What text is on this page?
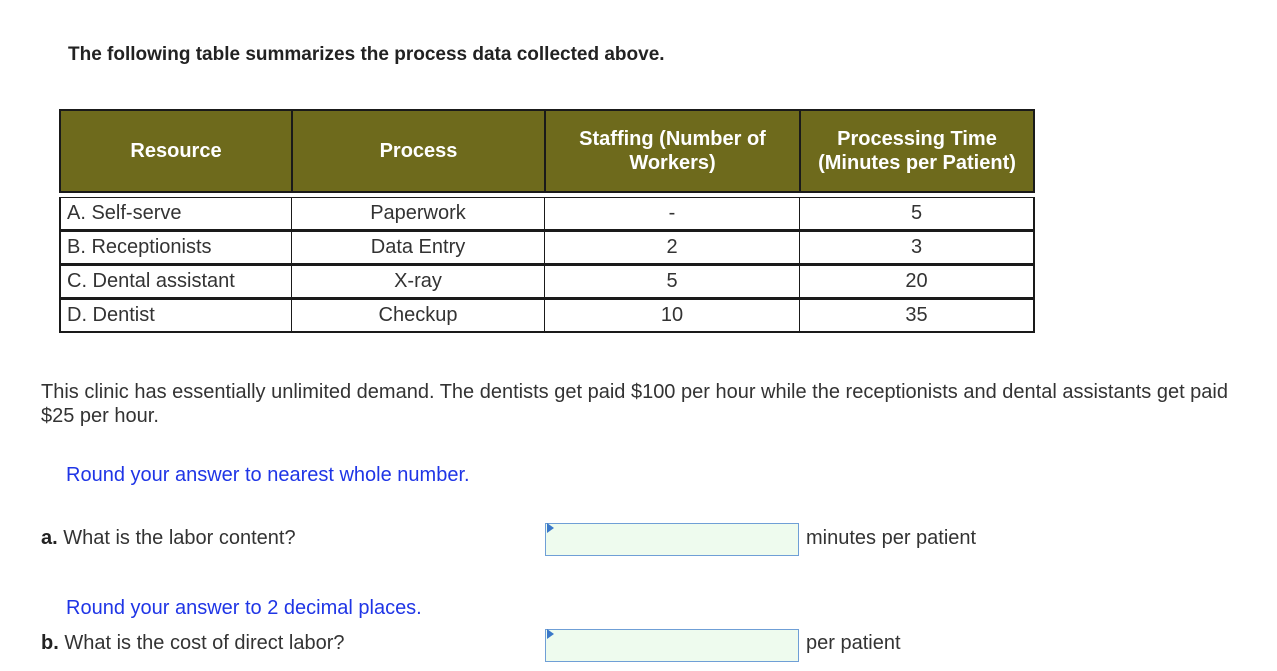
The following table summarizes the process data collected above.
Resource	Process	Staffing (Number of Workers)	Processing Time (Minutes per Patient)

A. Self-serve	Paperwork	-	5
B. Receptionists	Data Entry	2	3
C. Dental assistant	X-ray	5	20
D. Dentist	Checkup	10	35
This clinic has essentially unlimited demand. The dentists get paid $100 per hour while the receptionists and dental assistants get paid $25 per hour.
Round your answer to nearest whole number.
a. What is the labor content?	minutes per patient
Round your answer to 2 decimal places.
b. What is the cost of direct labor?	per patient
